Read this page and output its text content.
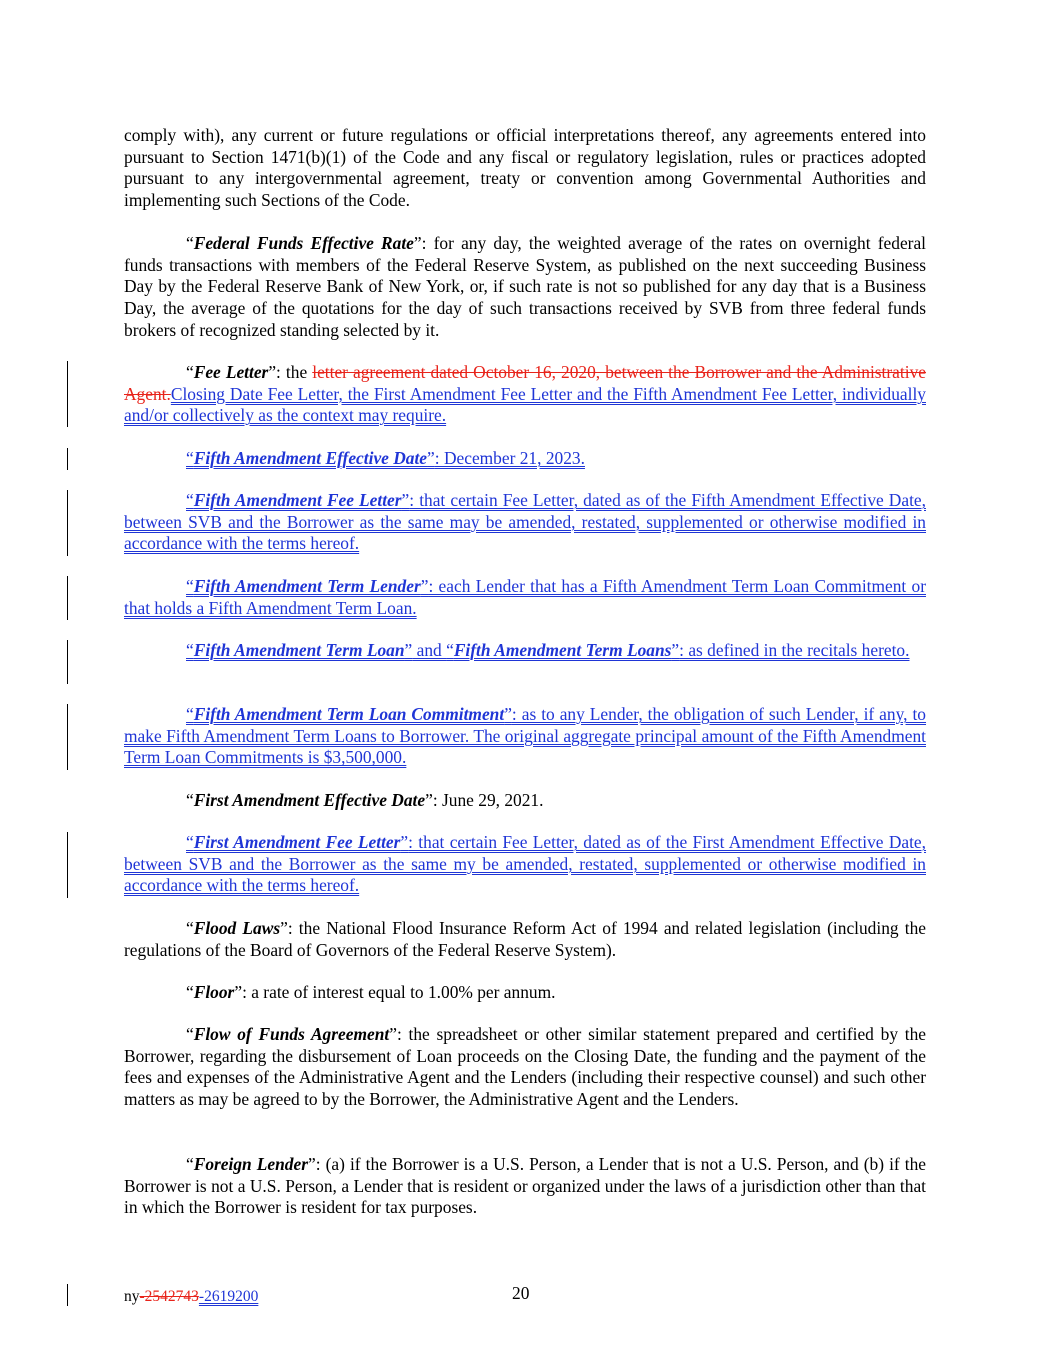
comply with), any current or future regulations or official interpretations thereof, any agreements entered into pursuant to Section 1471(b)(1) of the Code and any fiscal or regulatory legislation, rules or practices adopted pursuant to any intergovernmental agreement, treaty or convention among Governmental Authorities and implementing such Sections of the Code.

“Federal Funds Effective Rate”: for any day, the weighted average of the rates on overnight federal funds transactions with members of the Federal Reserve System, as published on the next succeeding Business Day by the Federal Reserve Bank of New York, or, if such rate is not so published for any day that is a Business Day, the average of the quotations for the day of such transactions received by SVB from three federal funds brokers of recognized standing selected by it.

“Fee Letter”: the letter agreement dated October 16, 2020, between the Borrower and the Administrative Agent.Closing Date Fee Letter, the First Amendment Fee Letter and the Fifth Amendment Fee Letter, individually and/or collectively as the context may require.

“Fifth Amendment Effective Date”: December 21, 2023.

“Fifth Amendment Fee Letter”: that certain Fee Letter, dated as of the Fifth Amendment Effective Date, between SVB and the Borrower as the same may be amended, restated, supplemented or otherwise modified in accordance with the terms hereof.

“Fifth Amendment Term Lender”: each Lender that has a Fifth Amendment Term Loan Commitment or that holds a Fifth Amendment Term Loan.

“Fifth Amendment Term Loan” and “Fifth Amendment Term Loans”: as defined in the recitals hereto.

“Fifth Amendment Term Loan Commitment”: as to any Lender, the obligation of such Lender, if any, to make Fifth Amendment Term Loans to Borrower. The original aggregate principal amount of the Fifth Amendment Term Loan Commitments is $3,500,000.

“First Amendment Effective Date”: June 29, 2021.

“First Amendment Fee Letter”: that certain Fee Letter, dated as of the First Amendment Effective Date, between SVB and the Borrower as the same my be amended, restated, supplemented or otherwise modified in accordance with the terms hereof.

“Flood Laws”: the National Flood Insurance Reform Act of 1994 and related legislation (including the regulations of the Board of Governors of the Federal Reserve System).

“Floor”: a rate of interest equal to 1.00% per annum.

“Flow of Funds Agreement”: the spreadsheet or other similar statement prepared and certified by the Borrower, regarding the disbursement of Loan proceeds on the Closing Date, the funding and the payment of the fees and expenses of the Administrative Agent and the Lenders (including their respective counsel) and such other matters as may be agreed to by the Borrower, the Administrative Agent and the Lenders.

“Foreign Lender”: (a) if the Borrower is a U.S. Person, a Lender that is not a U.S. Person, and (b) if the Borrower is not a U.S. Person, a Lender that is resident or organized under the laws of a jurisdiction other than that in which the Borrower is resident for tax purposes.

ny-2542743-2619200	20
